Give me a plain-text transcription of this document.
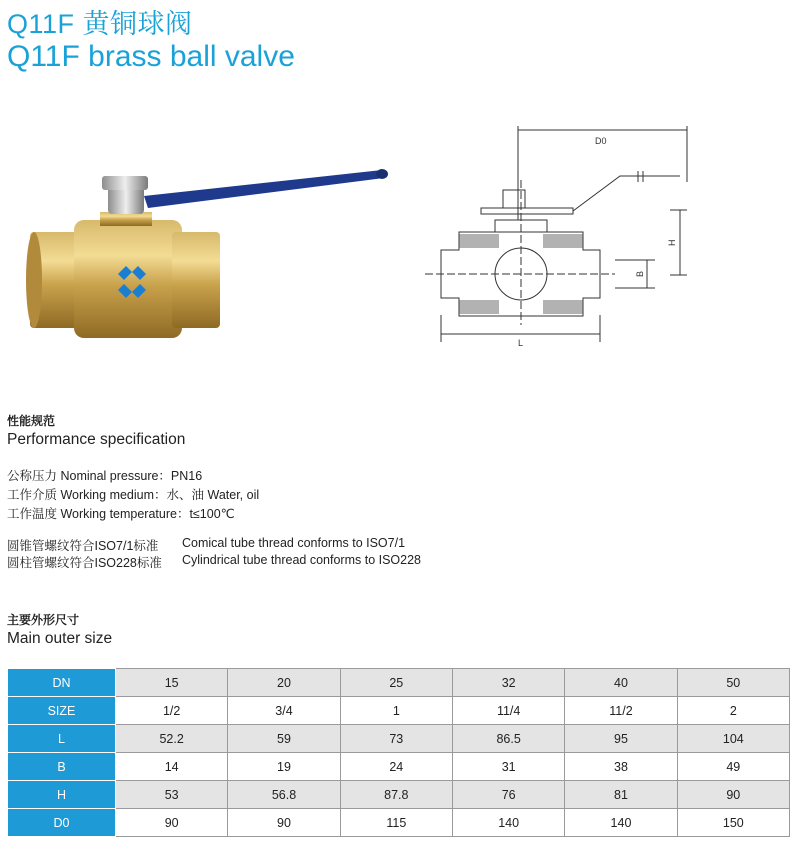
Q11F 黄铜球阀
Q11F brass ball valve
D0
H
B
L
性能规范
Performance specification
公称压力 Nominal pressure：PN16
工作介质 Working medium：水、油 Water, oil
工作温度 Working temperature：t≤100℃
圆锥管螺纹符合ISO7/1标准 Comical tube thread conforms to ISO7/1
圆柱管螺纹符合ISO228标准 Cylindrical tube thread conforms to ISO228
主要外形尺寸
Main outer size
DN	15	20	25	32	40	50
SIZE	1/2	3/4	1	11/4	11/2	2
L	52.2	59	73	86.5	95	104
B	14	19	24	31	38	49
H	53	56.8	87.8	76	81	90
D0	90	90	115	140	140	150
